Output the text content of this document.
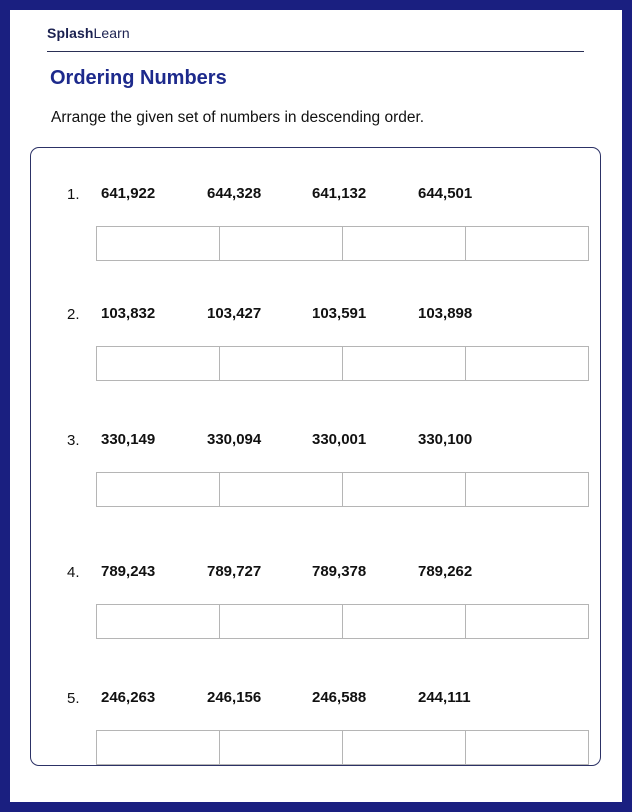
SplashLearn
Ordering Numbers
Arrange the given set of numbers in descending order.
1. 641,922	644,328	641,132	644,501
2. 103,832	103,427	103,591	103,898
3. 330,149	330,094	330,001	330,100
4. 789,243	789,727	789,378	789,262
5. 246,263	246,156	246,588	244,111
